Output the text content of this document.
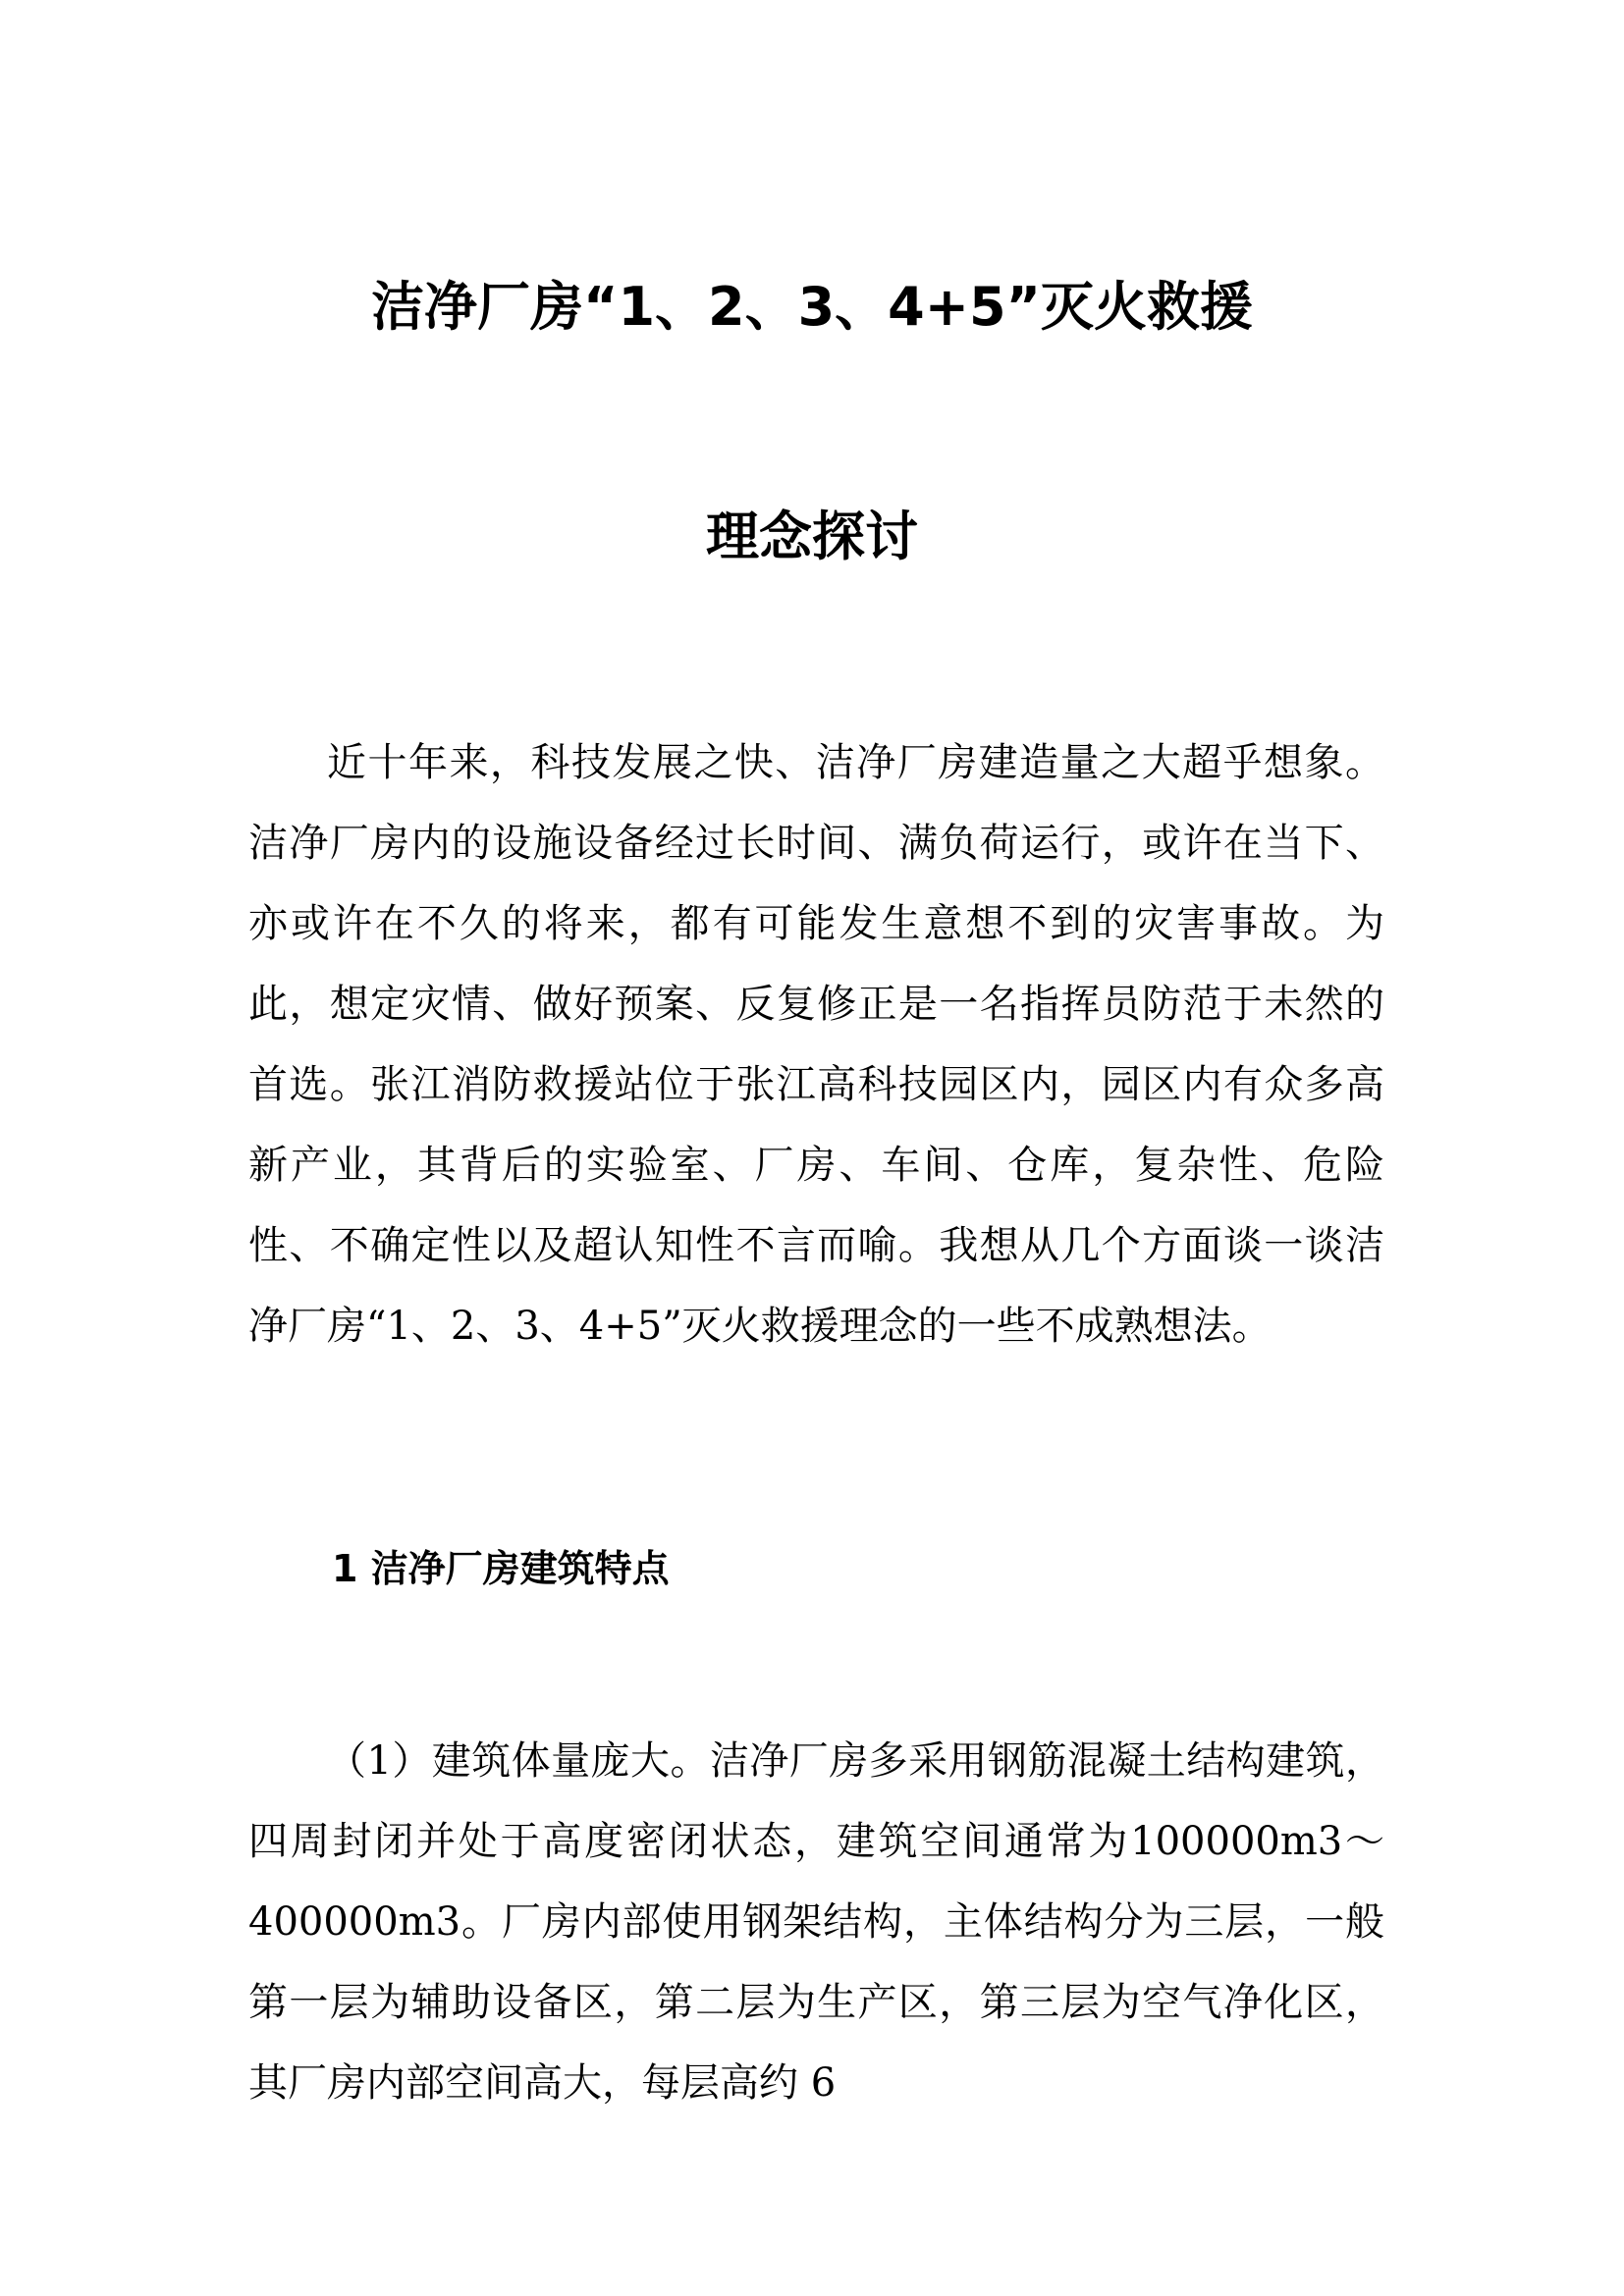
洁净厂房“1、2、3、4+5”灭火救援
理念探讨

近十年来，科技发展之快、洁净厂房建造量之大超乎想象。洁净厂房内的设施设备经过长时间、满负荷运行，或许在当下、亦或许在不久的将来，都有可能发生意想不到的灾害事故。为此，想定灾情、做好预案、反复修正是一名指挥员防范于未然的首选。张江消防救援站位于张江高科技园区内，园区内有众多高新产业，其背后的实验室、厂房、车间、仓库，复杂性、危险性、不确定性以及超认知性不言而喻。我想从几个方面谈一谈洁净厂房“1、2、3、4+5”灭火救援理念的一些不成熟想法。

1 洁净厂房建筑特点

（1）建筑体量庞大。洁净厂房多采用钢筋混凝土结构建筑，四周封闭并处于高度密闭状态，建筑空间通常为100000m3～400000m3。厂房内部使用钢架结构，主体结构分为三层，一般第一层为辅助设备区，第二层为生产区，第三层为空气净化区，其厂房内部空间高大，每层高约 6
